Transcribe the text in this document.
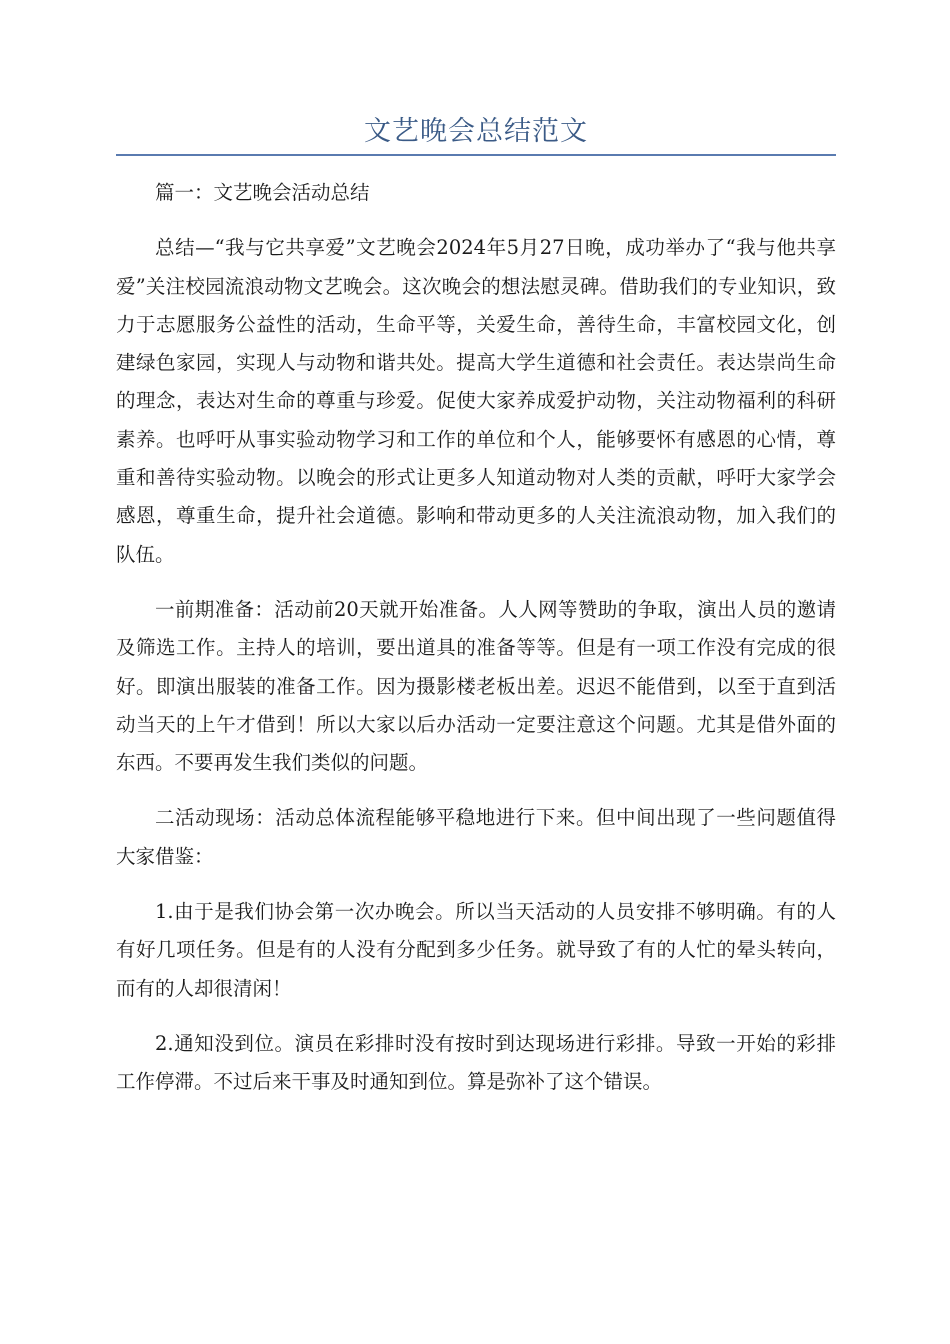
文艺晚会总结范文

篇一：文艺晚会活动总结

总结—“我与它共享爱”文艺晚会2024年5月27日晚，成功举办了“我与他共享爱”关注校园流浪动物文艺晚会。这次晚会的想法慰灵碑。借助我们的专业知识，致力于志愿服务公益性的活动，生命平等，关爱生命，善待生命，丰富校园文化，创建绿色家园，实现人与动物和谐共处。提高大学生道德和社会责任。表达崇尚生命的理念，表达对生命的尊重与珍爱。促使大家养成爱护动物，关注动物福利的科研素养。也呼吁从事实验动物学习和工作的单位和个人，能够要怀有感恩的心情，尊重和善待实验动物。以晚会的形式让更多人知道动物对人类的贡献，呼吁大家学会感恩，尊重生命，提升社会道德。影响和带动更多的人关注流浪动物，加入我们的队伍。

一前期准备：活动前20天就开始准备。人人网等赞助的争取，演出人员的邀请及筛选工作。主持人的培训，要出道具的准备等等。但是有一项工作没有完成的很好。即演出服装的准备工作。因为摄影楼老板出差。迟迟不能借到，以至于直到活动当天的上午才借到！所以大家以后办活动一定要注意这个问题。尤其是借外面的东西。不要再发生我们类似的问题。

二活动现场：活动总体流程能够平稳地进行下来。但中间出现了一些问题值得大家借鉴：

1.由于是我们协会第一次办晚会。所以当天活动的人员安排不够明确。有的人有好几项任务。但是有的人没有分配到多少任务。就导致了有的人忙的晕头转向，而有的人却很清闲！

2.通知没到位。演员在彩排时没有按时到达现场进行彩排。导致一开始的彩排工作停滞。不过后来干事及时通知到位。算是弥补了这个错误。
